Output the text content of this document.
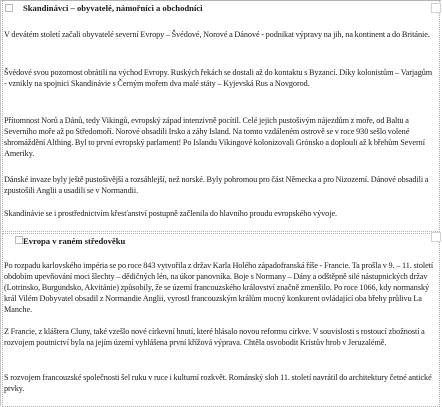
Skandinávci – obyvatelé, námořníci a obchodníci
V devátém století začali obyvatelé severní Evropy – Švédové, Norové a Dánové - podnikat výpravy na jih, na kontinent a do Británie.
Švédové svou pozornost obrátili na východ Evropy. Ruských řekách se dostali až do kontaktu s Byzancí. Díky kolonistům – Varjagům - vznikly na spojnici Skandinávie s Černým mořem dva malé státy – Kyjevská Rus a Novgorod.
Přítomnost Norů a Dánů, tedy Vikingů, evropský západ intenzivně pocítil. Celé jejich pustošivým nájezdům z moře, od Baltu a Severního moře až po Středomoří. Norové obsadili Irsko a záhy Island. Na tomto vzdáleném ostrově se v roce 930 sešlo volené shromáždění Althing. Byl to první evropský parlament! Po Islandu Vikingové kolonizovali Grónsko a doplouli až k břehům Severní Ameriky.
Dánské invaze byly ještě pustošivější a rozsáhlejší, než norské. Byly pohromou pro část Německa a pro Nizozemí. Dánové obsadili a zpustošili Anglii a usadili se v Normandii.
Skandinávie se i prostřednictvím křesťanství postupně začlenila do hlavního proudu evropského vývoje.
Evropa v raném středověku
Po rozpadu karlovského impéria se po roce 843 vytvořila z držav Karla Holého západofranská říše - Francie. Ta prošla v 9. – 11. století obdobím upevňování moci šlechty – dědičných lén, na úkor panovníka. Boje s Normany – Dány a odštěpně silé nástupnických držav (Lotrinsko, Burgundsko, Akvitánie) způsobily, že se území francouzského království značně zmenšilo. Po roce 1066, kdy normanský král Vilém Dobyvatel obsadil z Normandie Anglii, vyrostl francouzským králům mocný konkurent ovládající oba břehy průlivu La Manche.
Z Francie, z kláštera Cluny, také vzešlo nové církevní hnutí, které hlásalo novou reformu církve. V souvislosti s rostoucí zbožností a rozvojem poutnictví byla na jejím území vyhlášena první křížová výprava. Chtěla osvobodit Kristův hrob v Jeruzalémě.
S rozvojem francouzské společnosti šel ruku v ruce i kulturní rozkvět. Románský sloh 11. století navrátil do architektury četné antické prvky.
